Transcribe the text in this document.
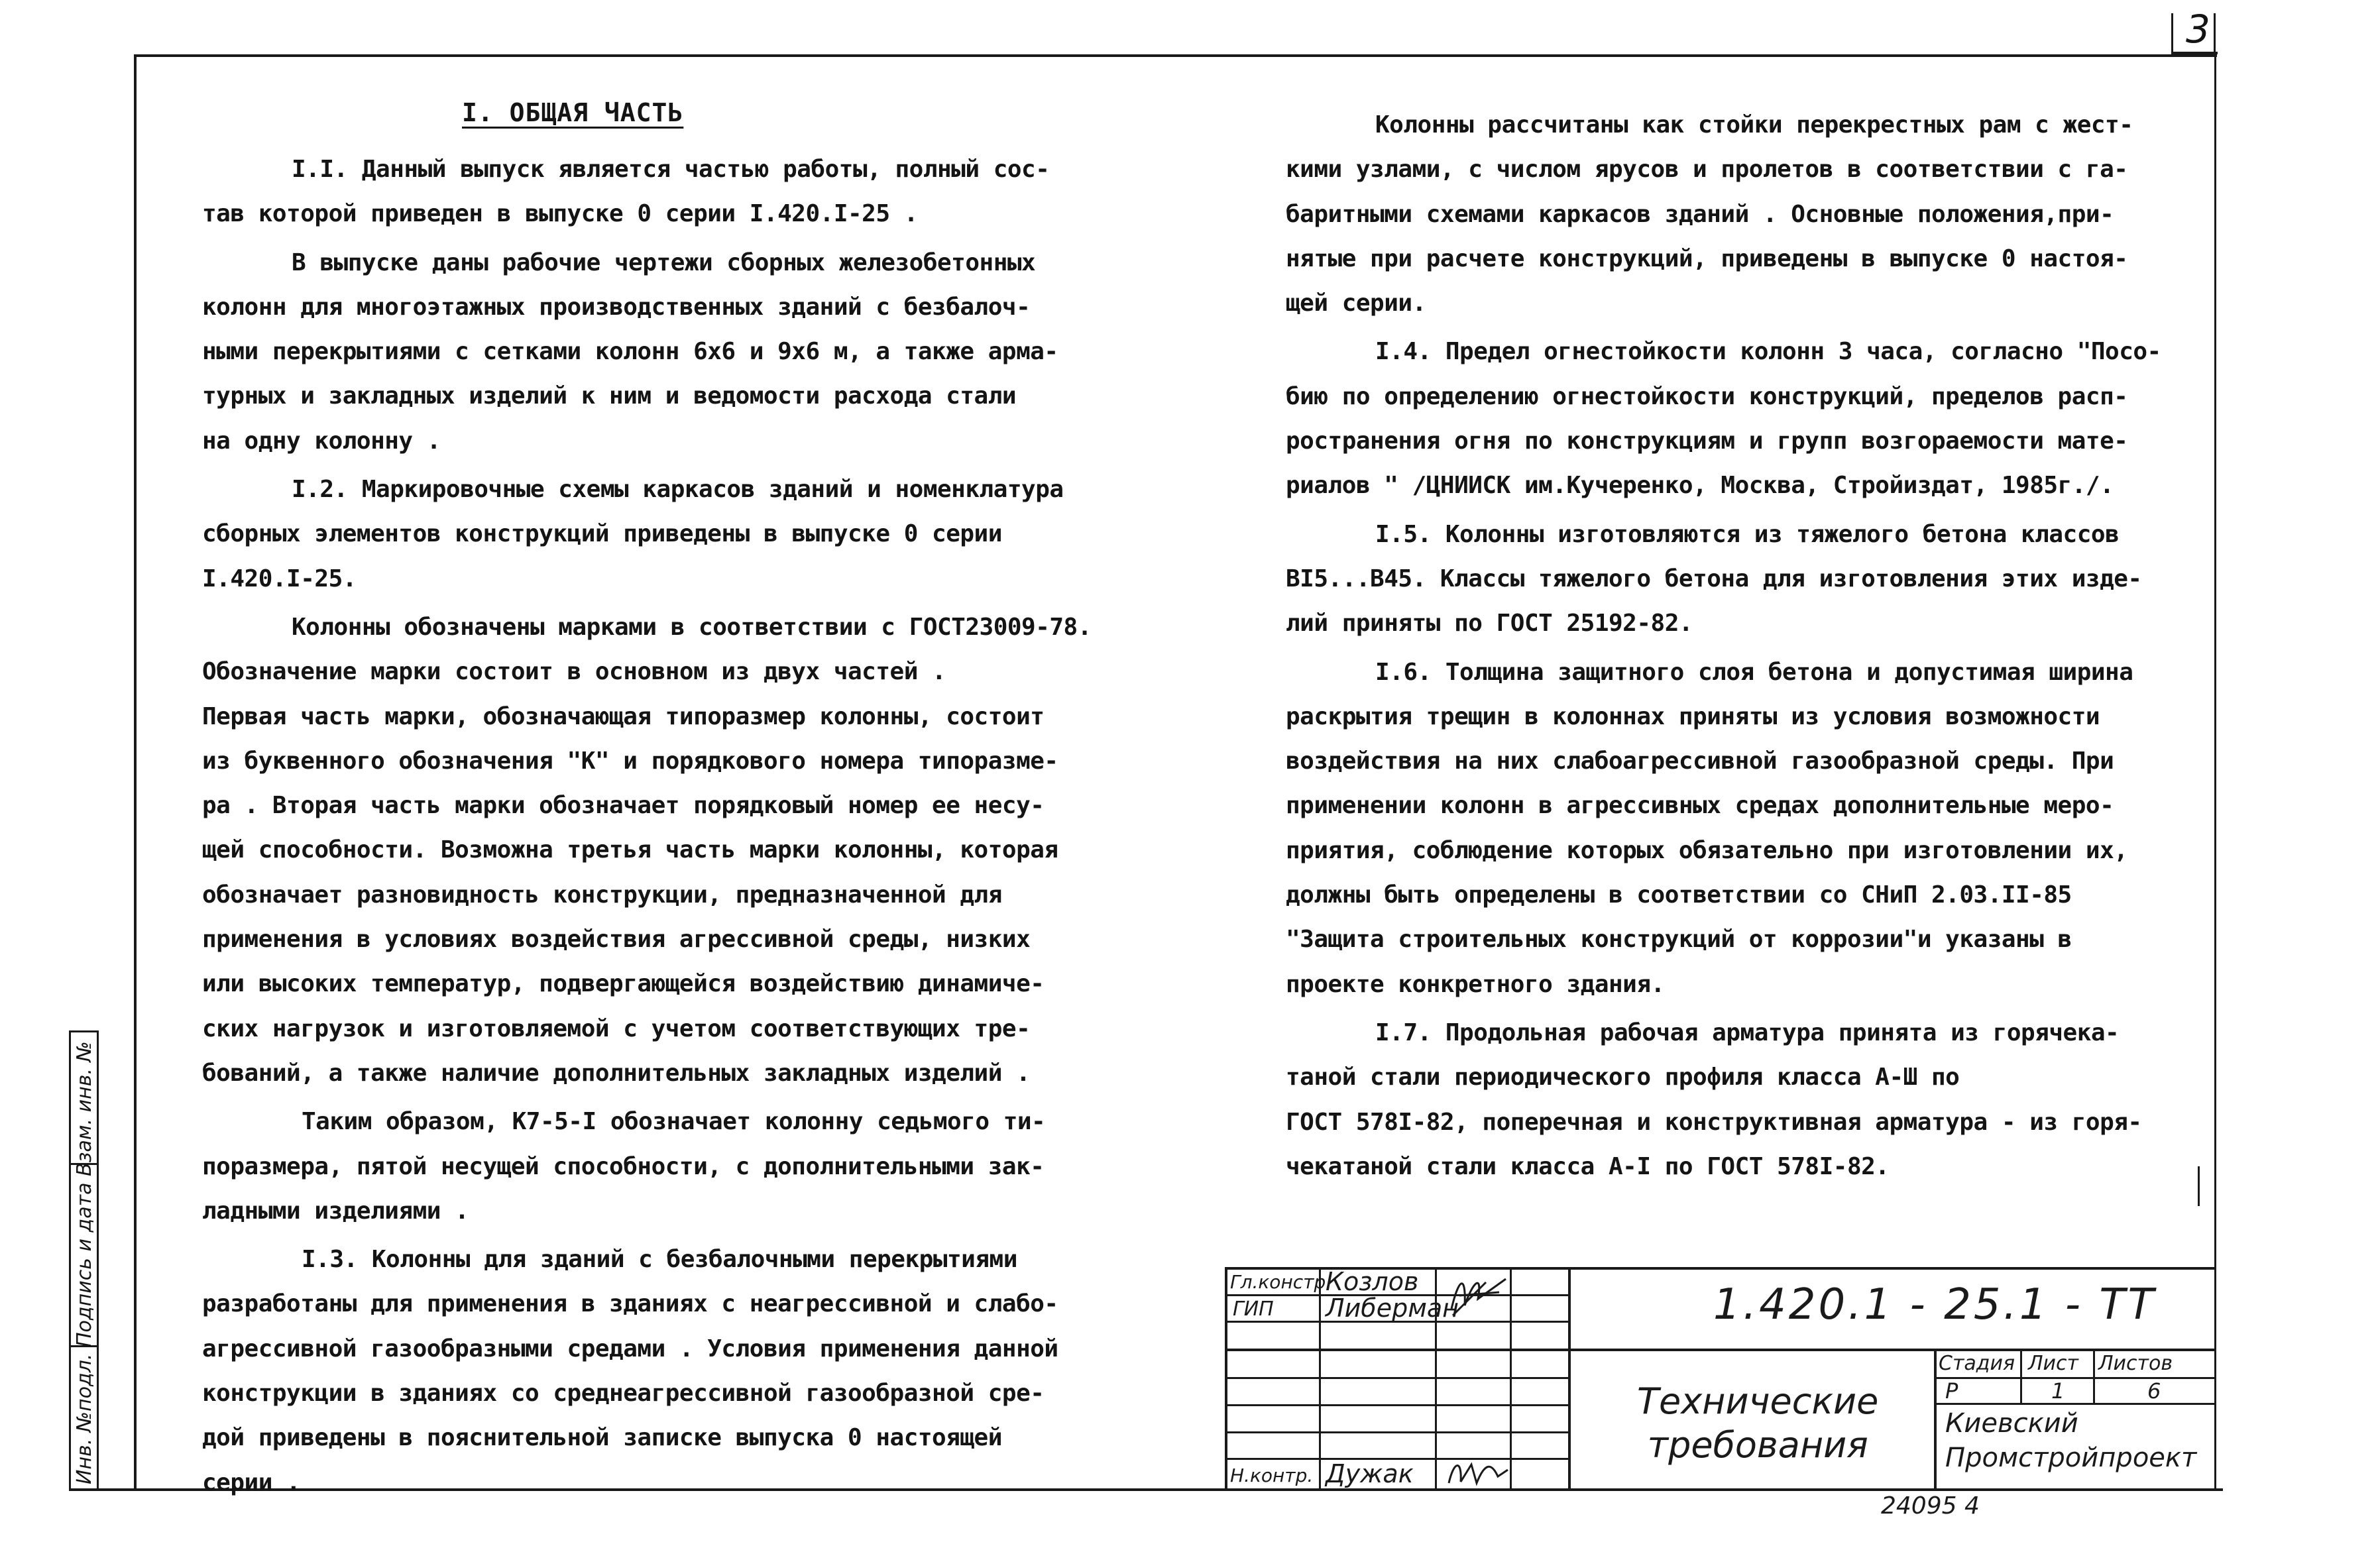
3
I. ОБЩАЯ ЧАСТЬ

I.I. Данный выпуск является частью работы, полный сос-
тав которой приведен в выпуске 0 серии I.420.I-25 .

В выпуске даны рабочие чертежи сборных железобетонных
колонн для многоэтажных производственных зданий с безбалоч-
ными перекрытиями с сетками колонн 6х6 и 9х6 м, а также арма-
турных и закладных изделий к ним и ведомости расхода стали
на одну колонну .

I.2. Маркировочные схемы каркасов зданий и номенклатура
сборных элементов конструкций приведены в выпуске 0 серии
I.420.I-25.

Колонны обозначены марками в соответствии с ГОСТ23009-78.
Обозначение марки состоит в основном из двух частей .

Первая часть марки, обозначающая типоразмер колонны, состоит
из буквенного обозначения "К" и порядкового номера типоразме-
ра . Вторая часть марки обозначает порядковый номер ее несу-
щей способности. Возможна третья часть марки колонны, которая
обозначает разновидность конструкции, предназначенной для
применения в условиях воздействия агрессивной среды, низких
или высоких температур, подвергающейся воздействию динамиче-
ских нагрузок и изготовляемой с учетом соответствующих тре-
бований, а также наличие дополнительных закладных изделий .

Таким образом, К7-5-I обозначает колонну седьмого ти-
поразмера, пятой несущей способности, с дополнительными зак-
ладными изделиями .

I.3. Колонны для зданий с безбалочными перекрытиями
разработаны для применения в зданиях с неагрессивной и слабо-
агрессивной газообразными средами . Условия применения данной
конструкции в зданиях со среднеагрессивной газообразной сре-
дой приведены в пояснительной записке выпуска 0 настоящей
серии .

Колонны рассчитаны как стойки перекрестных рам с жест-
кими узлами, с числом ярусов и пролетов в соответствии с га-
баритными схемами каркасов зданий . Основные положения,при-
нятые при расчете конструкций, приведены в выпуске 0 настоя-
щей серии.

I.4. Предел огнестойкости колонн 3 часа, согласно "Посо-
бию по определению огнестойкости конструкций, пределов расп-
ространения огня по конструкциям и групп возгораемости мате-
риалов " /ЦНИИСК им.Кучеренко, Москва, Стройиздат, 1985г./.

I.5. Колонны изготовляются из тяжелого бетона классов
ВI5...В45. Классы тяжелого бетона для изготовления этих изде-
лий приняты по ГОСТ 25192-82.

I.6. Толщина защитного слоя бетона и допустимая ширина
раскрытия трещин в колоннах приняты из условия возможности
воздействия на них слабоагрессивной газообразной среды. При
применении колонн в агрессивных средах дополнительные меро-
приятия, соблюдение которых обязательно при изготовлении их,
должны быть определены в соответствии со СНиП 2.03.II-85
"Защита строительных конструкций от коррозии"и указаны в
проекте конкретного здания.

I.7. Продольная рабочая арматура принята из горячека-
таной стали периодического профиля класса А-Ш по
ГОСТ 578I-82, поперечная и конструктивная арматура - из горя-
чекатаной стали класса А-I по ГОСТ 578I-82.

Гл.констр.
Козлов
ГИП Либерман
Н.контр. Дужак
1.420.1 - 25.1 - ТТ
Технические
требования
Стадия Лист Листов
Р	1	6
Киевский
Промстройпроект
24095 4
Инв. №подл. Подпись и дата Взам. инв. №
